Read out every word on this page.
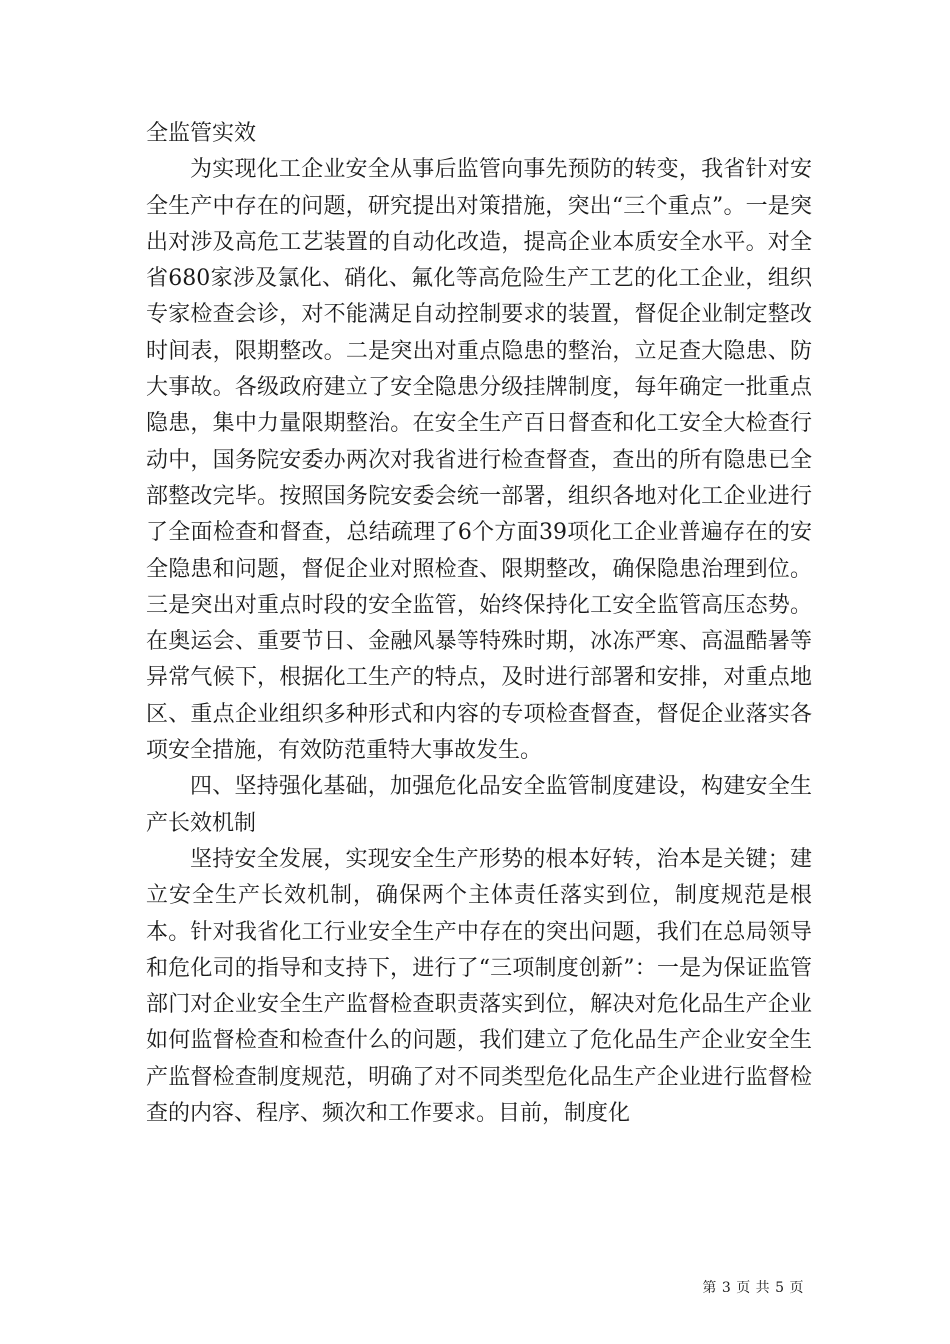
全监管实效

为实现化工企业安全从事后监管向事先预防的转变，我省针对安全生产中存在的问题，研究提出对策措施，突出“三个重点”。一是突出对涉及高危工艺装置的自动化改造，提高企业本质安全水平。对全省680家涉及氯化、硝化、氟化等高危险生产工艺的化工企业，组织专家检查会诊，对不能满足自动控制要求的装置，督促企业制定整改时间表，限期整改。二是突出对重点隐患的整治，立足查大隐患、防大事故。各级政府建立了安全隐患分级挂牌制度，每年确定一批重点隐患，集中力量限期整治。在安全生产百日督查和化工安全大检查行动中，国务院安委办两次对我省进行检查督查，查出的所有隐患已全部整改完毕。按照国务院安委会统一部署，组织各地对化工企业进行了全面检查和督查，总结疏理了6个方面39项化工企业普遍存在的安全隐患和问题，督促企业对照检查、限期整改，确保隐患治理到位。三是突出对重点时段的安全监管，始终保持化工安全监管高压态势。在奥运会、重要节日、金融风暴等特殊时期，冰冻严寒、高温酷暑等异常气候下，根据化工生产的特点，及时进行部署和安排，对重点地区、重点企业组织多种形式和内容的专项检查督查，督促企业落实各项安全措施，有效防范重特大事故发生。

四、坚持强化基础，加强危化品安全监管制度建设，构建安全生产长效机制

坚持安全发展，实现安全生产形势的根本好转，治本是关键；建立安全生产长效机制，确保两个主体责任落实到位，制度规范是根本。针对我省化工行业安全生产中存在的突出问题，我们在总局领导和危化司的指导和支持下，进行了“三项制度创新”：一是为保证监管部门对企业安全生产监督检查职责落实到位，解决对危化品生产企业如何监督检查和检查什么的问题，我们建立了危化品生产企业安全生产监督检查制度规范，明确了对不同类型危化品生产企业进行监督检查的内容、程序、频次和工作要求。目前，制度化

第 3 页 共 5 页
